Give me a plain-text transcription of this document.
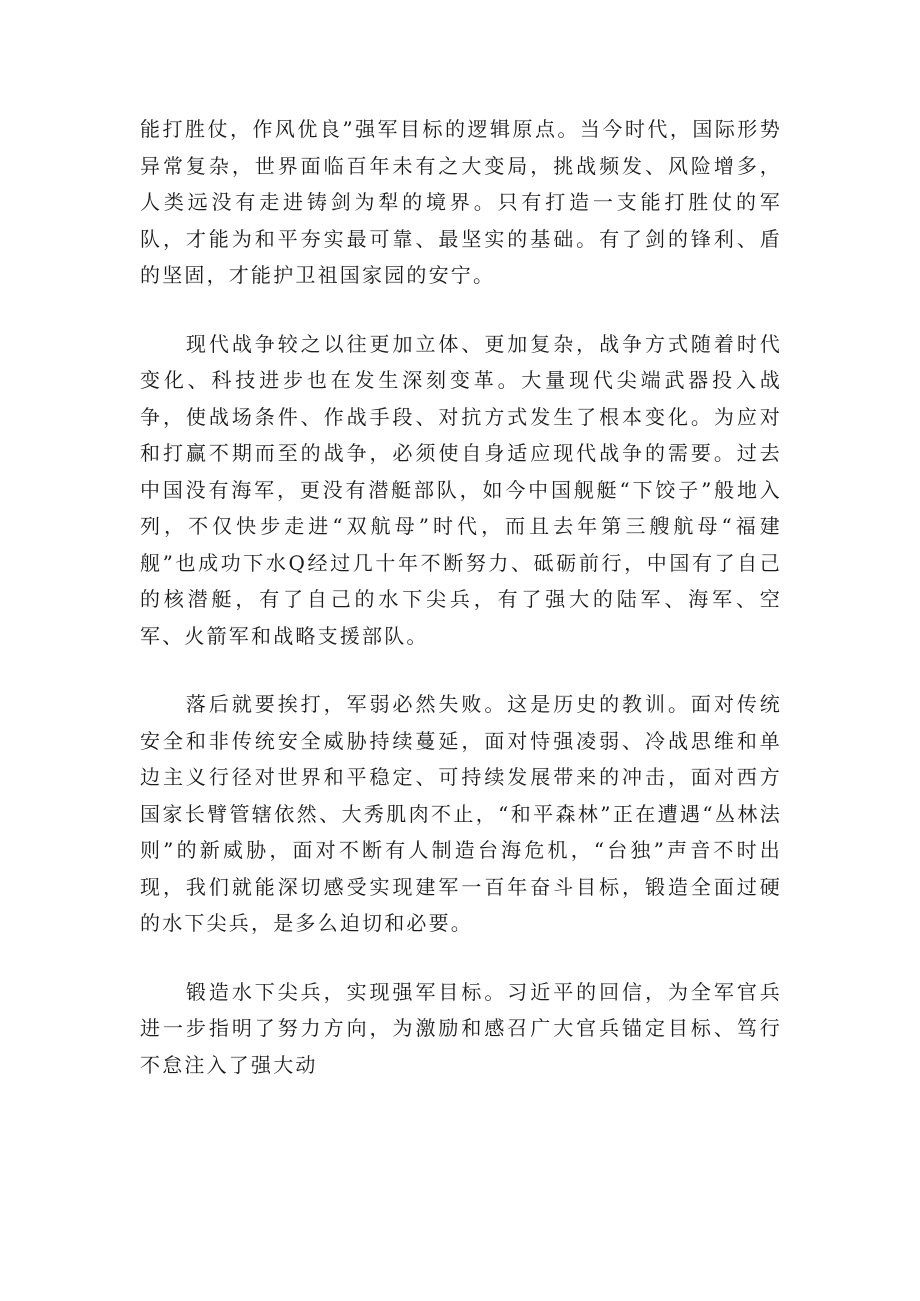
能打胜仗，作风优良”强军目标的逻辑原点。当今时代，国际形势异常复杂，世界面临百年未有之大变局，挑战频发、风险增多，人类远没有走进铸剑为犁的境界。只有打造一支能打胜仗的军队，才能为和平夯实最可靠、最坚实的基础。有了剑的锋利、盾的坚固，才能护卫祖国家园的安宁。

　　现代战争较之以往更加立体、更加复杂，战争方式随着时代变化、科技进步也在发生深刻变革。大量现代尖端武器投入战争，使战场条件、作战手段、对抗方式发生了根本变化。为应对和打赢不期而至的战争，必须使自身适应现代战争的需要。过去中国没有海军，更没有潜艇部队，如今中国舰艇“下饺子”般地入列，不仅快步走进“双航母”时代，而且去年第三艘航母“福建舰”也成功下水Q经过几十年不断努力、砥砺前行，中国有了自己的核潜艇，有了自己的水下尖兵，有了强大的陆军、海军、空军、火箭军和战略支援部队。

　　落后就要挨打，军弱必然失败。这是历史的教训。面对传统安全和非传统安全威胁持续蔓延，面对恃强凌弱、冷战思维和单边主义行径对世界和平稳定、可持续发展带来的冲击，面对西方国家长臂管辖依然、大秀肌肉不止，“和平森林”正在遭遇“丛林法则”的新威胁，面对不断有人制造台海危机，“台独”声音不时出现，我们就能深切感受实现建军一百年奋斗目标，锻造全面过硬的水下尖兵，是多么迫切和必要。

　　锻造水下尖兵，实现强军目标。习近平的回信，为全军官兵进一步指明了努力方向，为激励和感召广大官兵锚定目标、笃行不怠注入了强大动
